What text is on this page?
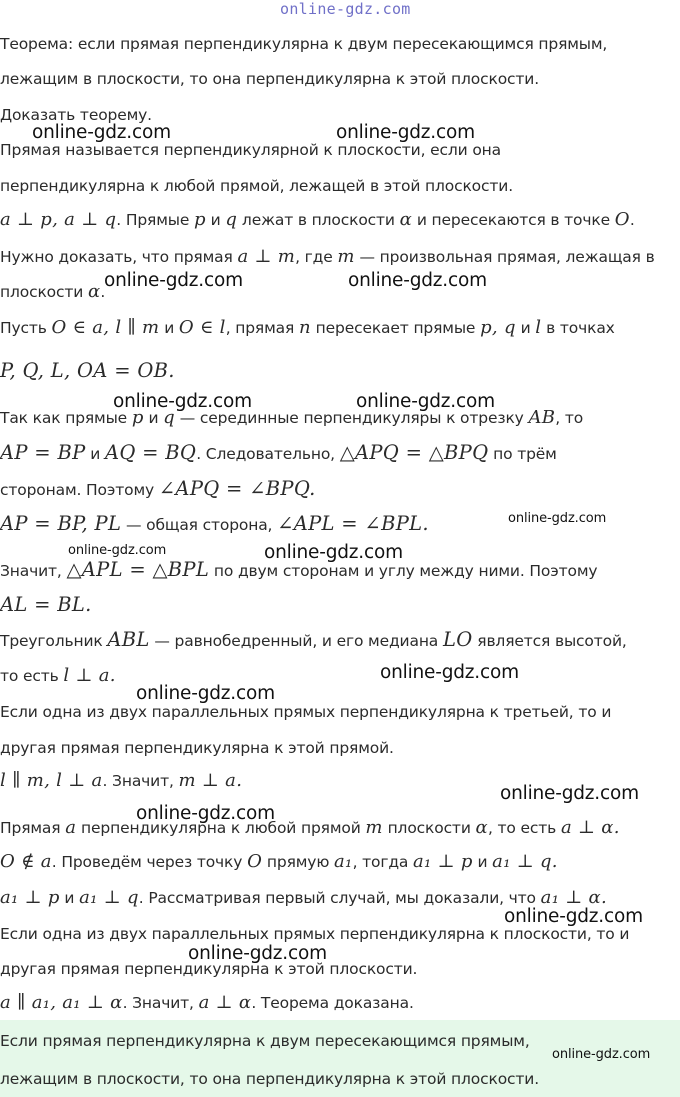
online-gdz.com
Теорема: если прямая перпендикулярна к двум пересекающимся прямым,
лежащим в плоскости, то она перпендикулярна к этой плоскости.
Доказать теорему.
Прямая называется перпендикулярной к плоскости, если она
перпендикулярна к любой прямой, лежащей в этой плоскости.
a ⊥ p, a ⊥ q. Прямые p и q лежат в плоскости α и пересекаются в точке O.
Нужно доказать, что прямая a ⊥ m, где m — произвольная прямая, лежащая в
плоскости α.
Пусть O ∈ a, l ∥ m и O ∈ l, прямая n пересекает прямые p, q и l в точках
P, Q, L, OA = OB.
Так как прямые p и q — серединные перпендикуляры к отрезку AB, то
AP = BP и AQ = BQ. Следовательно, △APQ = △BPQ по трём
сторонам. Поэтому ∠APQ = ∠BPQ.
AP = BP, PL — общая сторона, ∠APL = ∠BPL.
Значит, △APL = △BPL по двум сторонам и углу между ними. Поэтому
AL = BL.
Треугольник ABL — равнобедренный, и его медиана LO является высотой,
то есть l ⊥ a.
Если одна из двух параллельных прямых перпендикулярна к третьей, то и
другая прямая перпендикулярна к этой прямой.
l ∥ m, l ⊥ a. Значит, m ⊥ a.
Прямая a перпендикулярна к любой прямой m плоскости α, то есть a ⊥ α.
O ∉ a. Проведём через точку O прямую a₁, тогда a₁ ⊥ p и a₁ ⊥ q.
a₁ ⊥ p и a₁ ⊥ q. Рассматривая первый случай, мы доказали, что a₁ ⊥ α.
Если одна из двух параллельных прямых перпендикулярна к плоскости, то и
другая прямая перпендикулярна к этой плоскости.
a ∥ a₁, a₁ ⊥ α. Значит, a ⊥ α. Теорема доказана.
Если прямая перпендикулярна к двум пересекающимся прямым,
лежащим в плоскости, то она перпендикулярна к этой плоскости.
online-gdz.com	online-gdz.com
online-gdz.com	online-gdz.com
online-gdz.com	online-gdz.com
online-gdz.com
online-gdz.com	online-gdz.com
online-gdz.com
online-gdz.com
online-gdz.com
online-gdz.com
online-gdz.com
online-gdz.com
online-gdz.com
